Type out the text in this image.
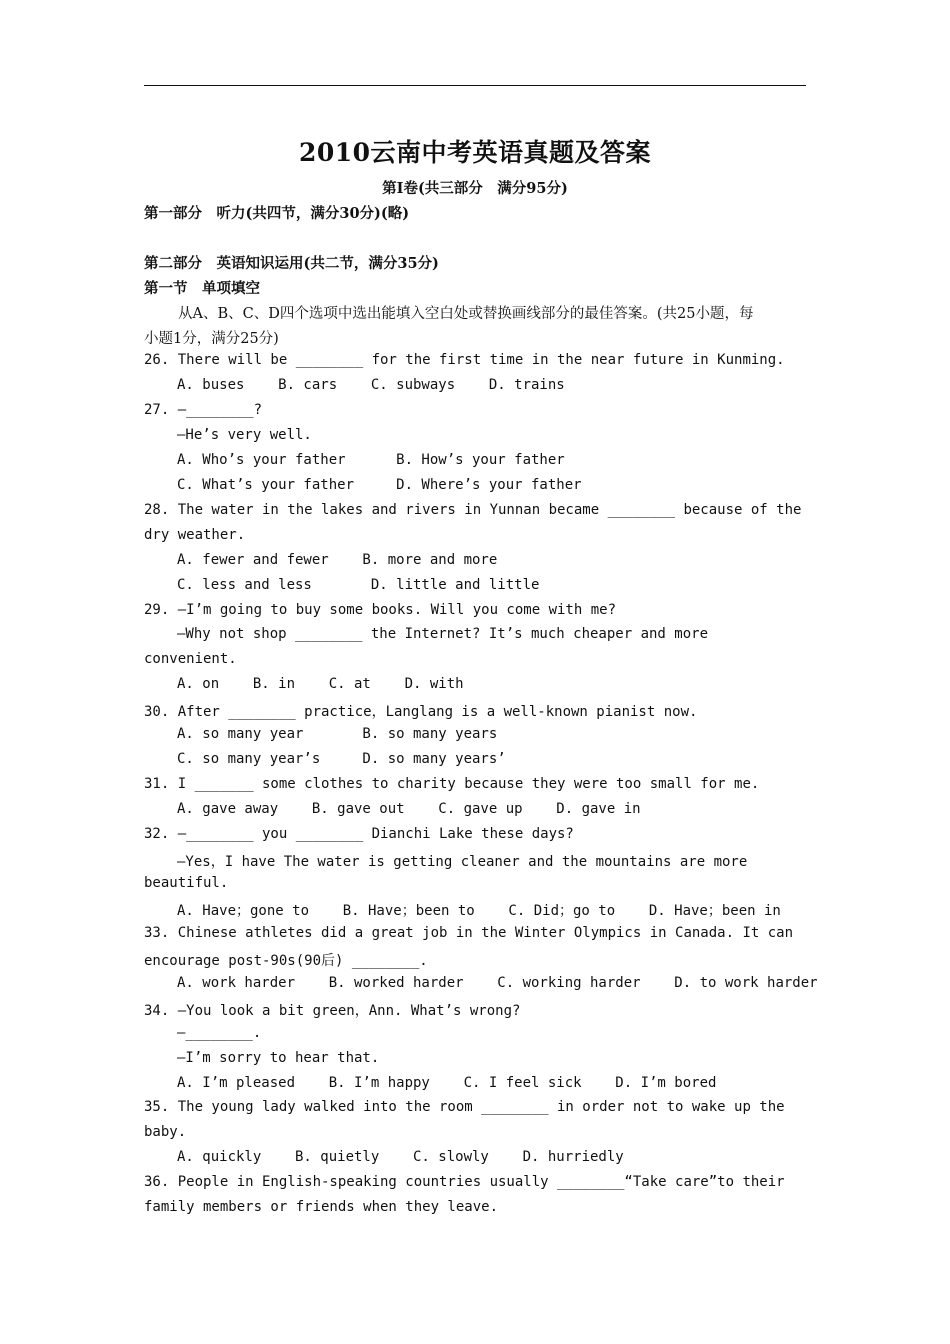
2010云南中考英语真题及答案
第Ⅰ卷(共三部分　满分95分)
第一部分　听力(共四节，满分30分)(略)
第二部分　英语知识运用(共二节，满分35分)
第一节　单项填空
从A、B、C、D四个选项中选出能填入空白处或替换画线部分的最佳答案。(共25小题，每
小题1分，满分25分)
26. There will be ________ for the first time in the near future in Kunming.
A. buses    B. cars    C. subways    D. trains
27. —________?
—He’s very well.
A. Who’s your father      B. How’s your father
C. What’s your father     D. Where’s your father
28. The water in the lakes and rivers in Yunnan became ________ because of the
dry weather.
A. fewer and fewer    B. more and more
C. less and less       D. little and little
29. —I’m going to buy some books. Will you come with me?
—Why not shop ________ the Internet? It’s much cheaper and more
convenient.
A. on    B. in    C. at    D. with
30. After ________ practice，Langlang is a well-known pianist now.
A. so many year       B. so many years
C. so many year’s     D. so many years’
31. I _______ some clothes to charity because they were too small for me.
A. gave away    B. gave out    C. gave up    D. gave in
32. —________ you ________ Dianchi Lake these days?
—Yes，I have The water is getting cleaner and the mountains are more
beautiful.
A. Have；gone to    B. Have；been to    C. Did；go to    D. Have；been in
33. Chinese athletes did a great job in the Winter Olympics in Canada. It can
encourage post-90s(90后) ________.
A. work harder    B. worked harder    C. working harder    D. to work harder
34. —You look a bit green，Ann. What’s wrong?
—________.
—I’m sorry to hear that.
A. I’m pleased    B. I’m happy    C. I feel sick    D. I’m bored
35. The young lady walked into the room ________ in order not to wake up the
baby.
A. quickly    B. quietly    C. slowly    D. hurriedly
36. People in English-speaking countries usually ________“Take care”to their
family members or friends when they leave.
